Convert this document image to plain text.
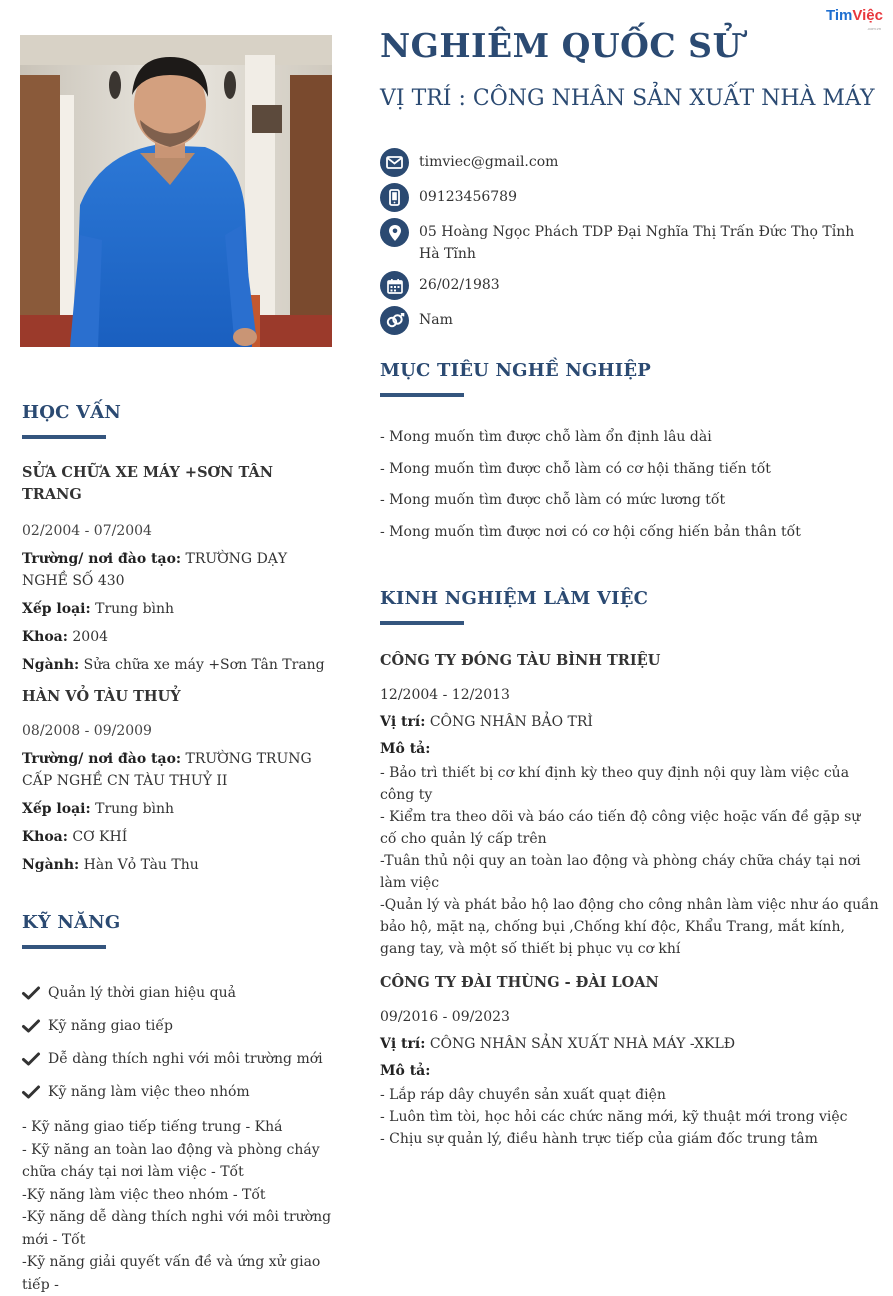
TimViệc
.com.vn
HỌC VẤN
SỬA CHỮA XE MÁY +SƠN TÂN TRANG
02/2004 - 07/2004
Trường/ nơi đào tạo: TRƯỜNG DẠY NGHỀ SỐ 430
Xếp loại: Trung bình
Khoa: 2004
Ngành: Sửa chữa xe máy +Sơn Tân Trang
HÀN VỎ TÀU THUỶ
08/2008 - 09/2009
Trường/ nơi đào tạo: TRƯỜNG TRUNG CẤP NGHỀ CN TÀU THUỶ II
Xếp loại: Trung bình
Khoa: CƠ KHÍ
Ngành: Hàn Vỏ Tàu Thu
KỸ NĂNG
Quản lý thời gian hiệu quả
Kỹ năng giao tiếp
Dễ dàng thích nghi với môi trường mới
Kỹ năng làm việc theo nhóm
- Kỹ năng giao tiếp tiếng trung - Khá
- Kỹ năng an toàn lao động và phòng cháy chữa cháy tại nơi làm việc - Tốt
-Kỹ năng làm việc theo nhóm - Tốt
-Kỹ năng dễ dàng thích nghi với môi trường mới - Tốt
-Kỹ năng giải quyết vấn đề và ứng xử giao tiếp -
NGHIÊM QUỐC SỬ
VỊ TRÍ : CÔNG NHÂN SẢN XUẤT NHÀ MÁY
timviec@gmail.com
09123456789
05 Hoàng Ngọc Phách TDP Đại Nghĩa Thị Trấn Đức Thọ Tỉnh Hà Tĩnh
26/02/1983
Nam
MỤC TIÊU NGHỀ NGHIỆP
- Mong muốn tìm được chỗ làm ổn định lâu dài
- Mong muốn tìm được chỗ làm có cơ hội thăng tiến tốt
- Mong muốn tìm được chỗ làm có mức lương tốt
- Mong muốn tìm được nơi có cơ hội cống hiến bản thân tốt
KINH NGHIỆM LÀM VIỆC
CÔNG TY ĐÓNG TÀU BÌNH TRIỆU
12/2004 - 12/2013
Vị trí: CÔNG NHÂN BẢO TRÌ
Mô tả:
- Bảo trì thiết bị cơ khí định kỳ theo quy định nội quy làm việc của công ty
- Kiểm tra theo dõi và báo cáo tiến độ công việc hoặc vấn đề gặp sự cố cho quản lý cấp trên
-Tuân thủ nội quy an toàn lao động và phòng cháy chữa cháy tại nơi làm việc
-Quản lý và phát bảo hộ lao động cho công nhân làm việc như áo quần bảo hộ, mặt nạ, chống bụi ,Chống khí độc, Khẩu Trang, mắt kính, gang tay, và một số thiết bị phục vụ cơ khí
CÔNG TY ĐÀI THÙNG - ĐÀI LOAN
09/2016 - 09/2023
Vị trí: CÔNG NHÂN SẢN XUẤT NHÀ MÁY -XKLĐ
Mô tả:
- Lắp ráp dây chuyền sản xuất quạt điện
- Luôn tìm tòi, học hỏi các chức năng mới, kỹ thuật mới trong việc
- Chịu sự quản lý, điều hành trực tiếp của giám đốc trung tâm
